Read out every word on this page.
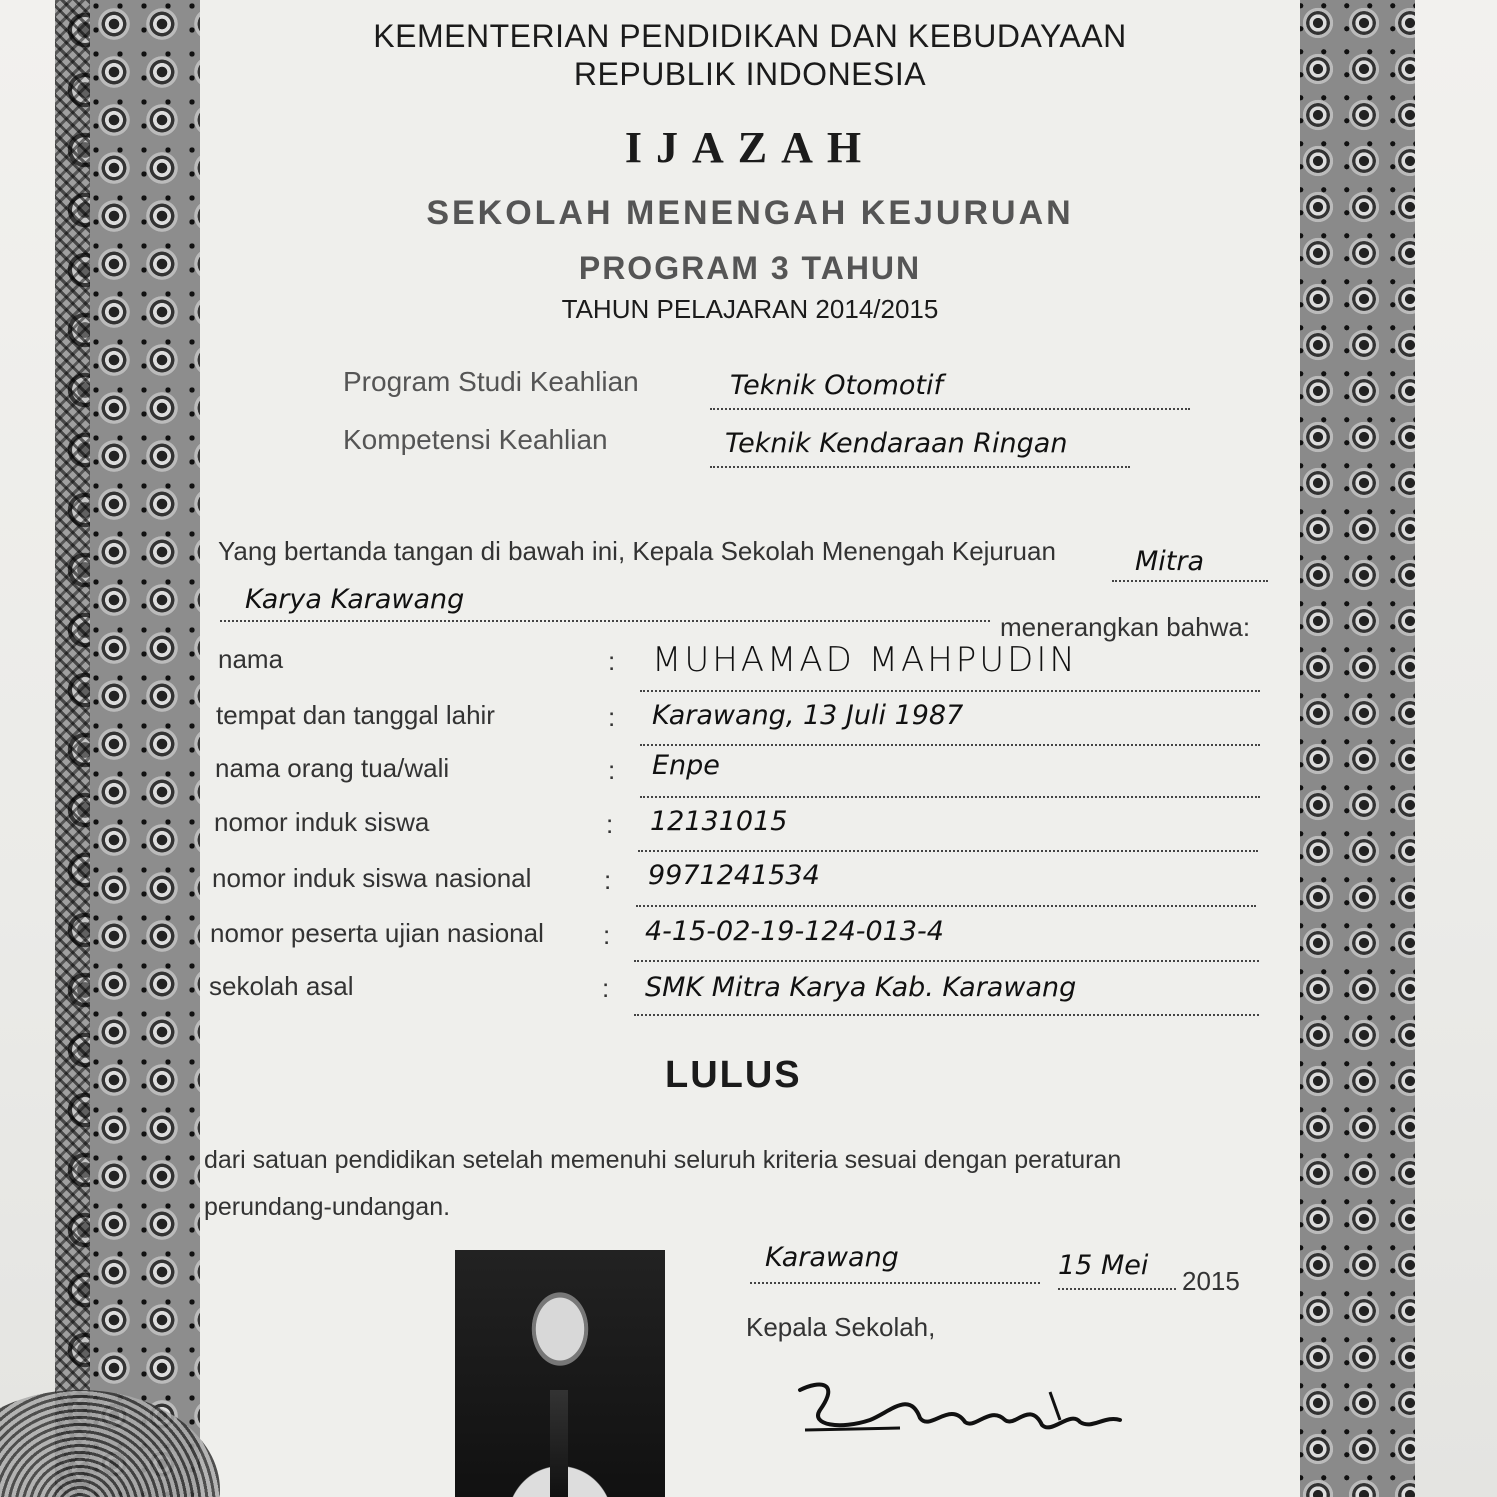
KEMENTERIAN PENDIDIKAN DAN KEBUDAYAAN
REPUBLIK INDONESIA
IJAZAH
SEKOLAH MENENGAH KEJURUAN
PROGRAM 3 TAHUN
TAHUN PELAJARAN 2014/2015
Program Studi Keahlian	Teknik Otomotif
Kompetensi Keahlian	Teknik Kendaraan Ringan
Yang bertanda tangan di bawah ini, Kepala Sekolah Menengah Kejuruan	Mitra
Karya Karawang
menerangkan bahwa:
nama	: MUHAMAD MAHPUDIN
tempat dan tanggal lahir	: Karawang, 13 Juli 1987
nama orang tua/wali	: Enpe
nomor induk siswa	: 12131015
nomor induk siswa nasional	: 9971241534
nomor peserta ujian nasional : 4-15-02-19-124-013-4
sekolah asal	: SMK Mitra Karya Kab. Karawang
LULUS
dari satuan pendidikan setelah memenuhi seluruh kriteria sesuai dengan peraturan
perundang-undangan.
Karawang	15 Mei 2015
Kepala Sekolah,
